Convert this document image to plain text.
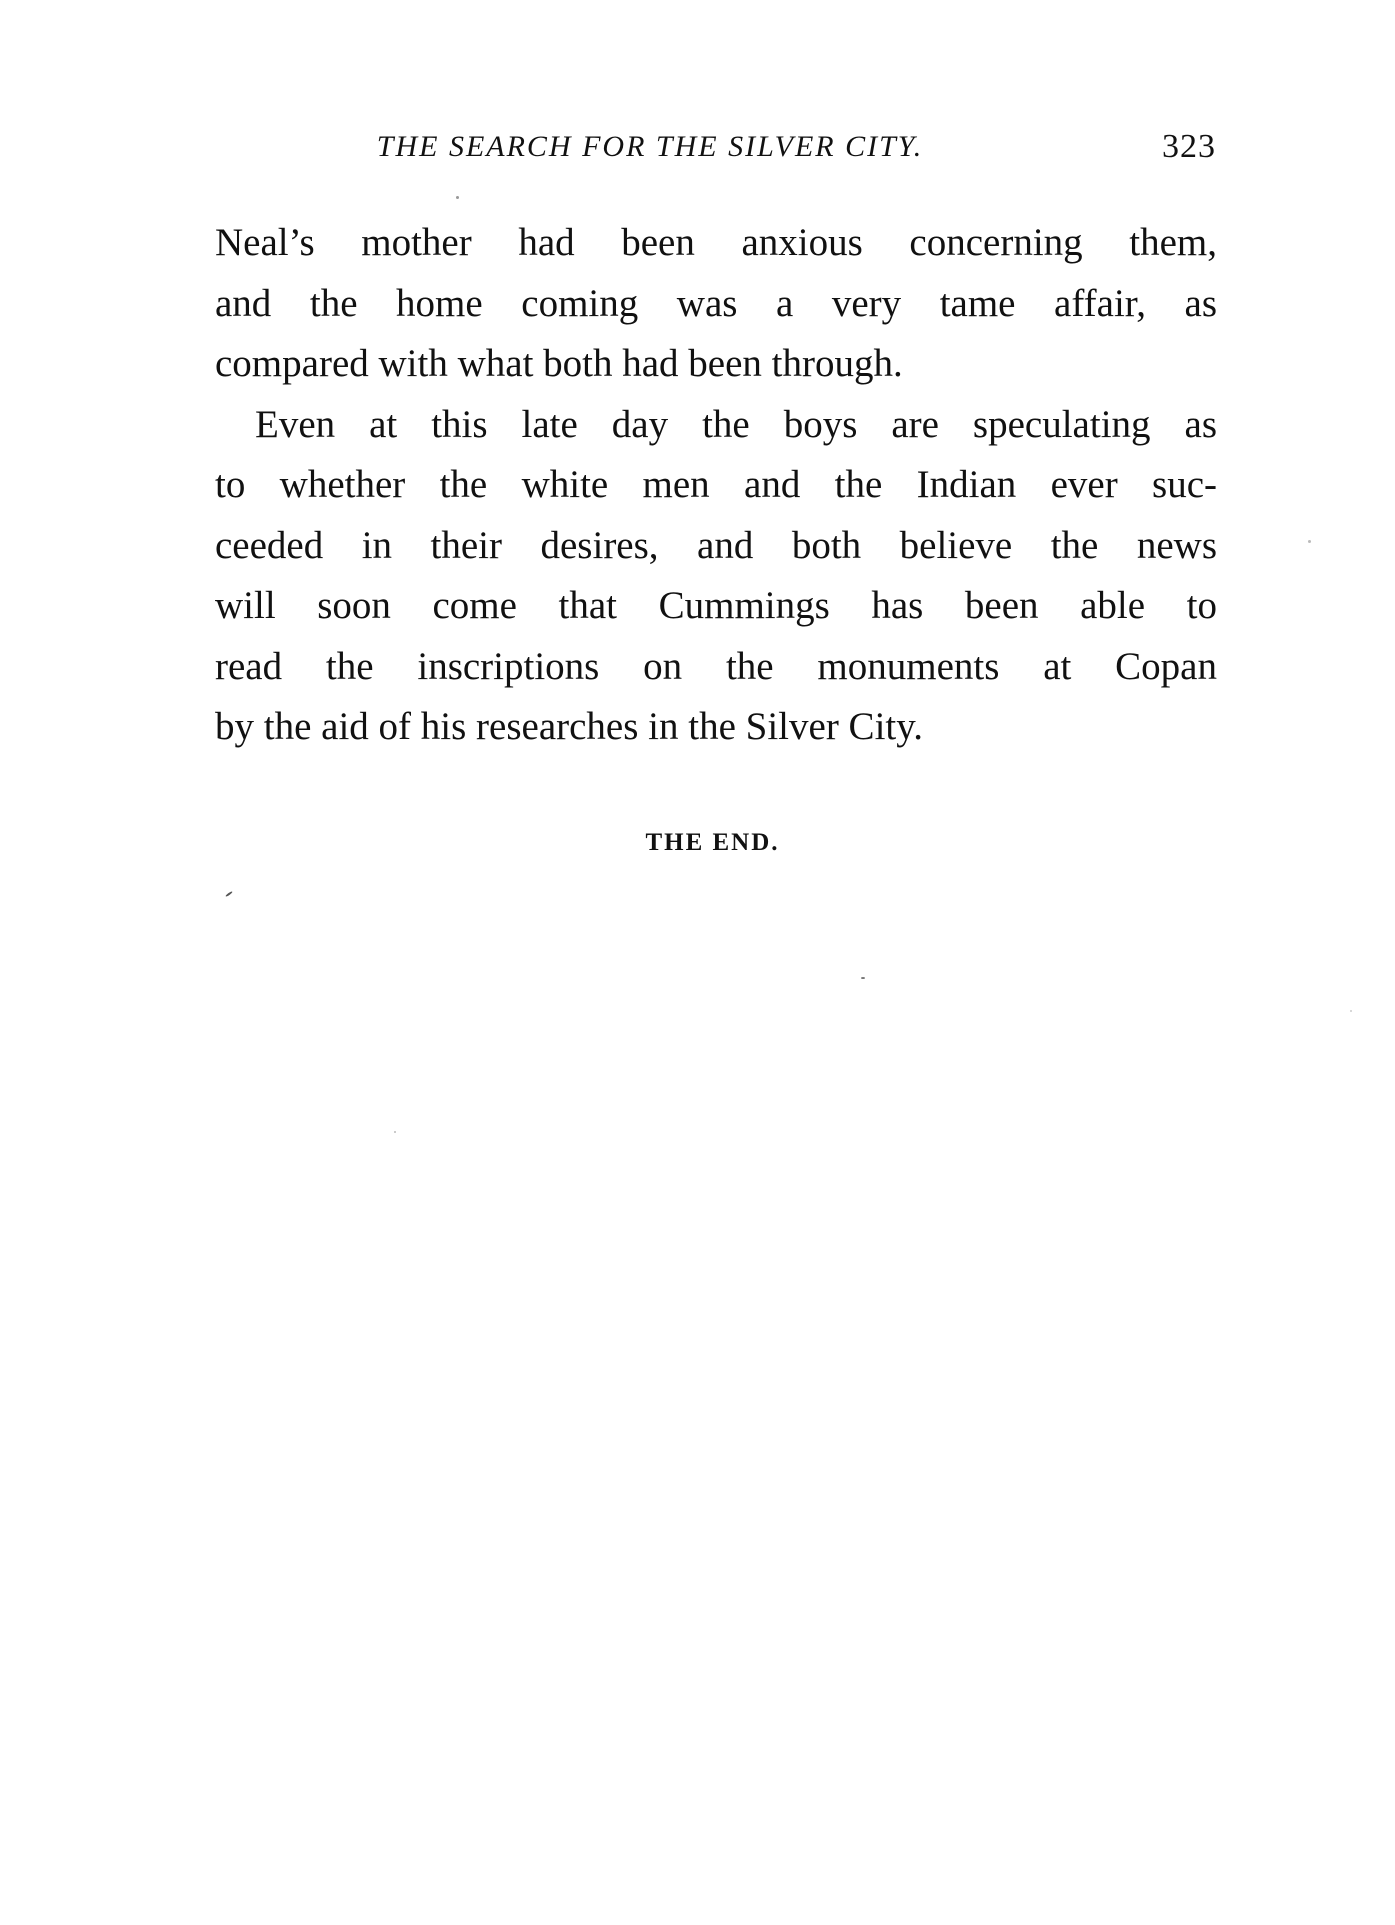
THE SEARCH FOR THE SILVER CITY.	323

Neal’s mother had been anxious concerning them,
and the home coming was a very tame affair, as
compared with what both had been through.

Even at this late day the boys are speculating as
to whether the white men and the Indian ever suc-
ceeded in their desires, and both believe the news
will soon come that Cummings has been able to
read the inscriptions on the monuments at Copan
by the aid of his researches in the Silver City.

THE END.
